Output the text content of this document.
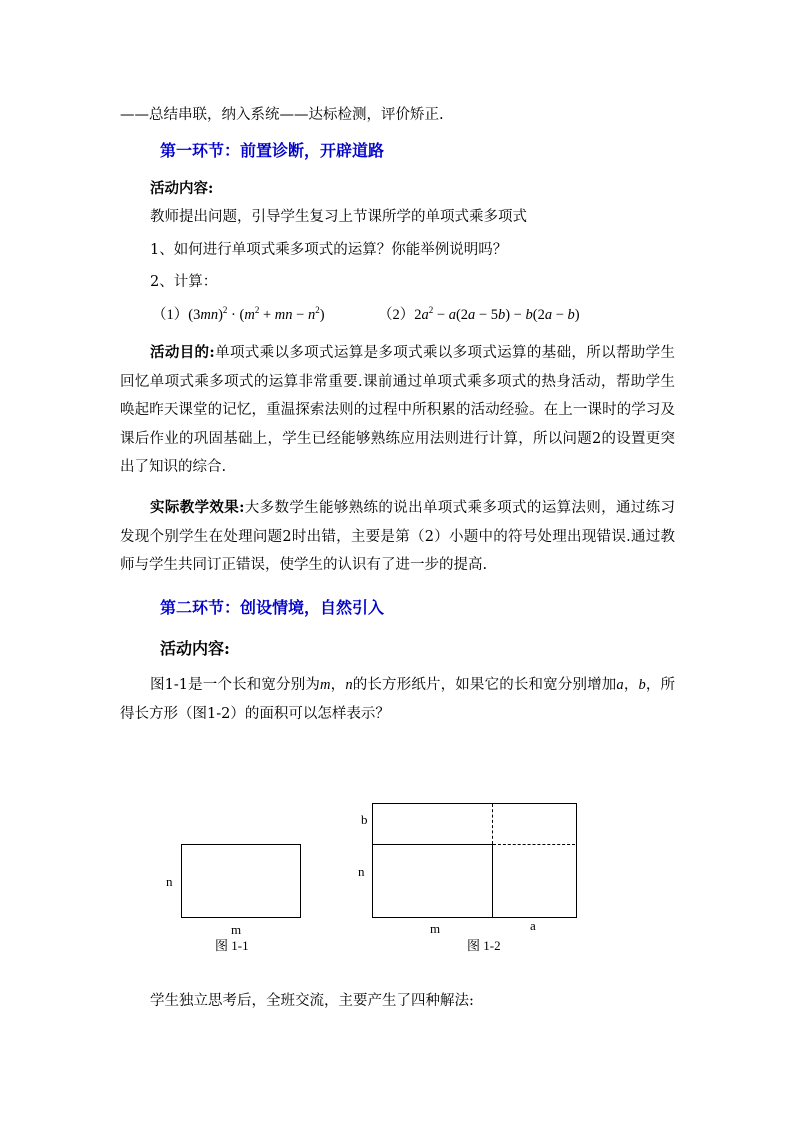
——总结串联，纳入系统——达标检测，评价矫正.
第一环节：前置诊断，开辟道路
活动内容:
教师提出问题，引导学生复习上节课所学的单项式乘多项式
1、如何进行单项式乘多项式的运算？你能举例说明吗？
2、计算：
$(1)(3mn)^2 \cdot (m^2$ + mn − $n^2$)	$(2)2a^2 - a(2a - 5b) - b(2a - b)$
活动目的:单项式乘以多项式运算是多项式乘以多项式运算的基础，所以帮助学生回忆单项式乘多项式的运算非常重要.课前通过单项式乘多项式的热身活动，帮助学生唤起昨天课堂的记忆，重温探索法则的过程中所积累的活动经验。在上一课时的学习及课后作业的巩固基础上，学生已经能够熟练应用法则进行计算，所以问题2的设置更突出了知识的综合.
实际教学效果:大多数学生能够熟练的说出单项式乘多项式的运算法则，通过练习发现个别学生在处理问题2时出错，主要是第（2）小题中的符号处理出现错误.通过教师与学生共同订正错误，使学生的认识有了进一步的提高.
第二环节：创设情境，自然引入
活动内容:
图1-1是一个长和宽分别为m，n的长方形纸片，如果它的长和宽分别增加a，b，所得长方形（图1-2）的面积可以怎样表示？
n
m
图 1-1
b
n
m	a
图 1-2
学生独立思考后，全班交流，主要产生了四种解法:
